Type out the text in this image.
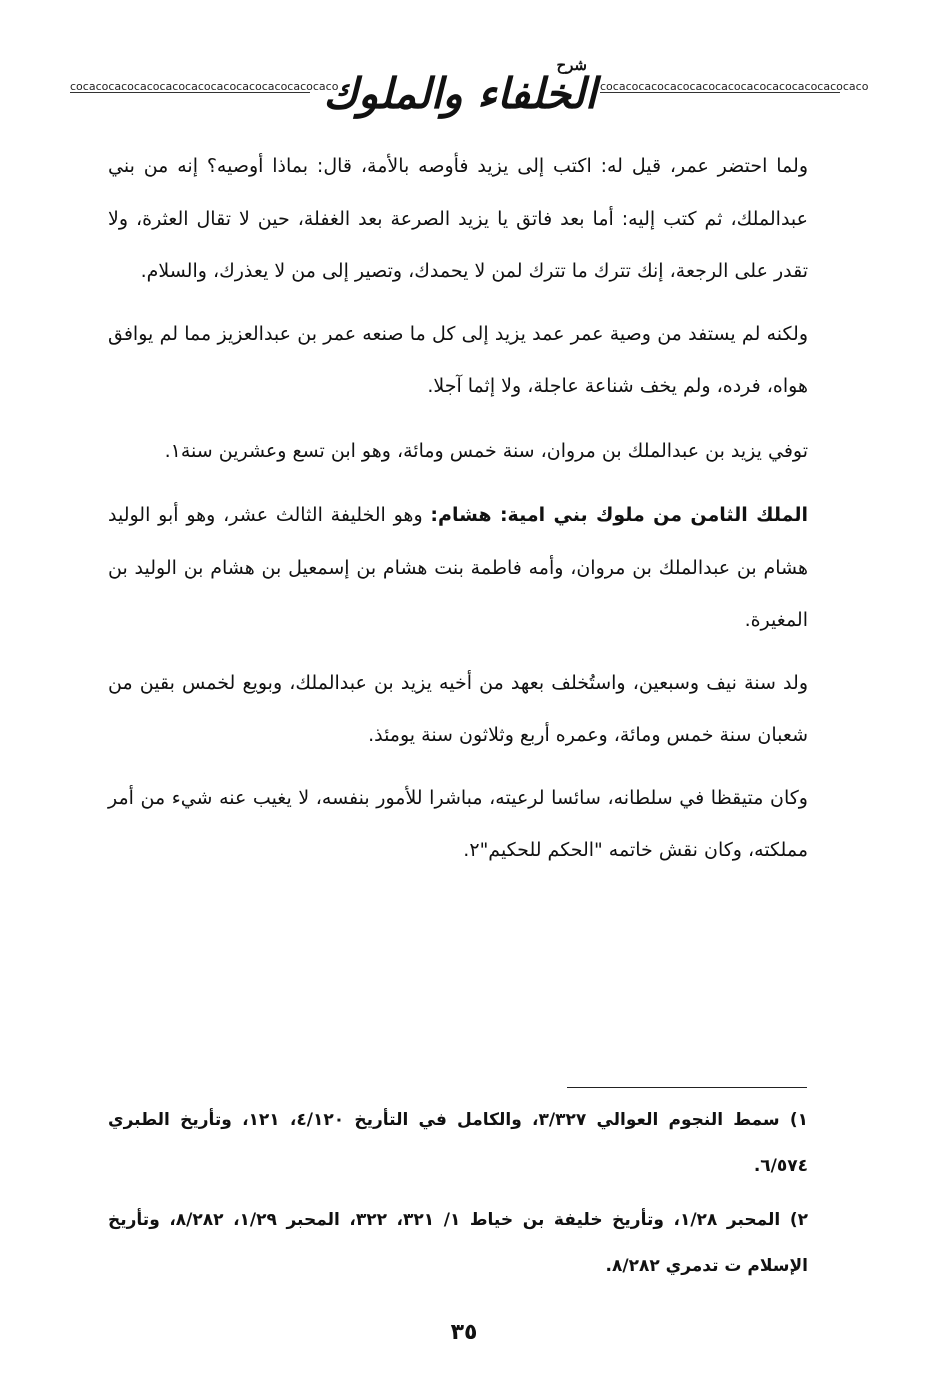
cocacocacocacocacocacocacocacocacocacocaco
شرح
الخلفاء والملوك cocacocacocacocacocacocacocacocacocacocaco

ولما احتضر عمر، قيل له: اكتب إلى يزيد فأوصه بالأمة، قال: بماذا أوصيه؟ إنه من بني عبدالملك، ثم كتب إليه: أما بعد فاتق يا يزيد الصرعة بعد الغفلة، حين لا تقال العثرة، ولا تقدر على الرجعة، إنك تترك ما تترك لمن لا يحمدك، وتصير إلى من لا يعذرك، والسلام.

ولكنه لم يستفد من وصية عمر عمد يزيد إلى كل ما صنعه عمر بن عبدالعزيز مما لم يوافق هواه، فرده، ولم يخف شناعة عاجلة، ولا إثما آجلا.

توفي يزيد بن عبدالملك بن مروان، سنة خمس ومائة، وهو ابن تسع وعشرين سنة١.

الملك الثامن من ملوك بني امية: هشام: وهو الخليفة الثالث عشر، وهو أبو الوليد هشام بن عبدالملك بن مروان، وأمه فاطمة بنت هشام بن إسمعيل بن هشام بن الوليد بن المغيرة.

ولد سنة نيف وسبعين، واستُخلف بعهد من أخيه يزيد بن عبدالملك، وبويع لخمس بقين من شعبان سنة خمس ومائة، وعمره أربع وثلاثون سنة يومئذ.

وكان متيقظا في سلطانه، سائسا لرعيته، مباشرا للأمور بنفسه، لا يغيب عنه شيء من أمر مملكته، وكان نقش خاتمه "الحكم للحكيم"٢.

١) سمط النجوم العوالي ٣/٣٢٧، والكامل في التأريخ ٤/١٢٠، ١٢١، وتأريخ الطبري ٦/٥٧٤.

٢) المحبر ١/٢٨، وتأريخ خليفة بن خياط ١/ ٣٢١، ٣٢٢، المحبر ١/٢٩، ٨/٢٨٢، وتأريخ الإسلام ت تدمري ٨/٢٨٢.

٣٥
